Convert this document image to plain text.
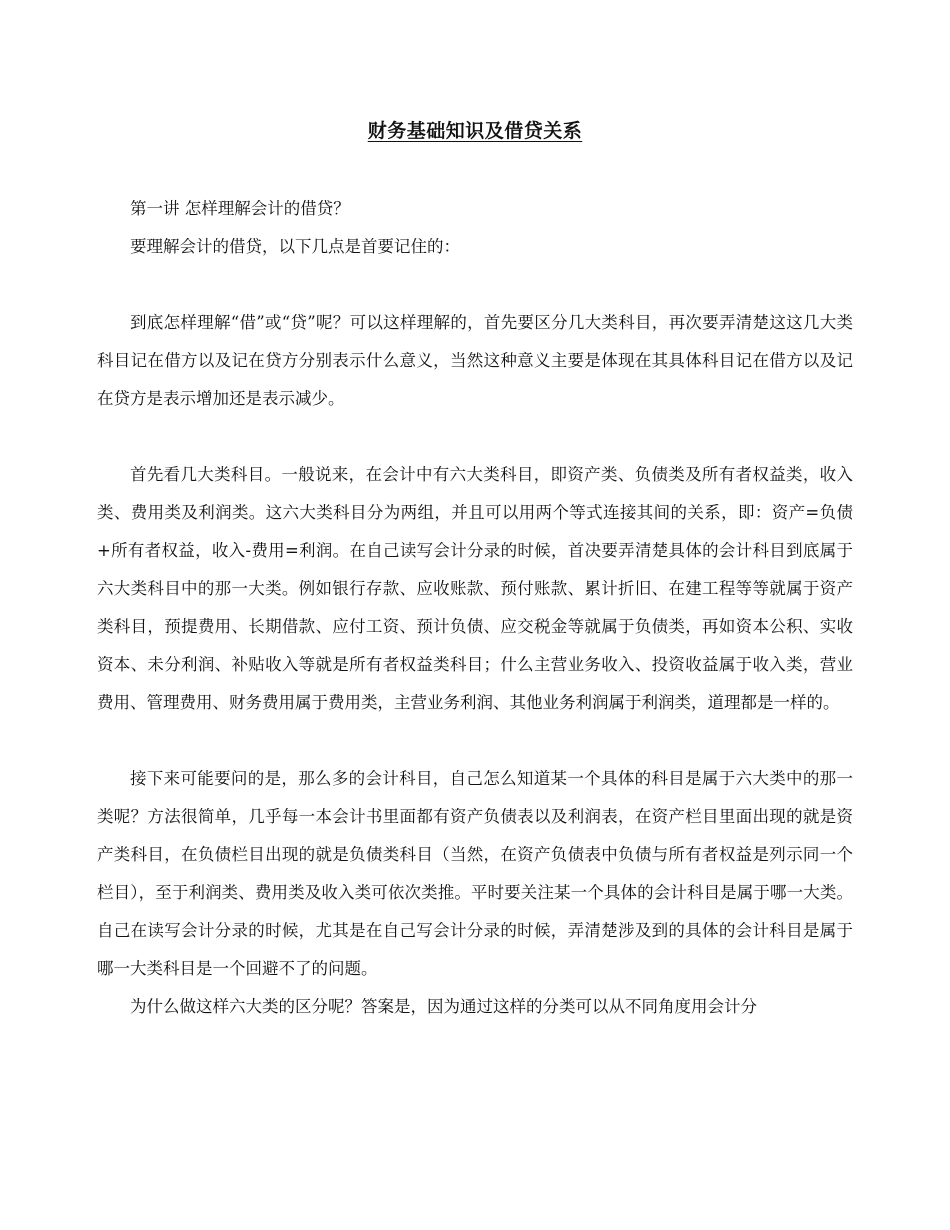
财务基础知识及借贷关系

第一讲 怎样理解会计的借贷？

要理解会计的借贷，以下几点是首要记住的：

到底怎样理解“借”或“贷”呢？可以这样理解的，首先要区分几大类科目，再次要弄清楚这这几大类科目记在借方以及记在贷方分别表示什么意义，当然这种意义主要是体现在其具体科目记在借方以及记在贷方是表示增加还是表示减少。

首先看几大类科目。一般说来，在会计中有六大类科目，即资产类、负债类及所有者权益类，收入类、费用类及利润类。这六大类科目分为两组，并且可以用两个等式连接其间的关系，即：资产=负债+所有者权益，收入-费用=利润。在自己读写会计分录的时候，首决要弄清楚具体的会计科目到底属于六大类科目中的那一大类。例如银行存款、应收账款、预付账款、累计折旧、在建工程等等就属于资产类科目，预提费用、长期借款、应付工资、预计负债、应交税金等就属于负债类，再如资本公积、实收资本、未分利润、补贴收入等就是所有者权益类科目；什么主营业务收入、投资收益属于收入类，营业费用、管理费用、财务费用属于费用类，主营业务利润、其他业务利润属于利润类，道理都是一样的。

接下来可能要问的是，那么多的会计科目，自己怎么知道某一个具体的科目是属于六大类中的那一类呢？方法很简单，几乎每一本会计书里面都有资产负债表以及利润表，在资产栏目里面出现的就是资产类科目，在负债栏目出现的就是负债类科目（当然，在资产负债表中负债与所有者权益是列示同一个栏目），至于利润类、费用类及收入类可依次类推。平时要关注某一个具体的会计科目是属于哪一大类。自己在读写会计分录的时候，尤其是在自己写会计分录的时候，弄清楚涉及到的具体的会计科目是属于哪一大类科目是一个回避不了的问题。

为什么做这样六大类的区分呢？答案是，因为通过这样的分类可以从不同角度用会计分
